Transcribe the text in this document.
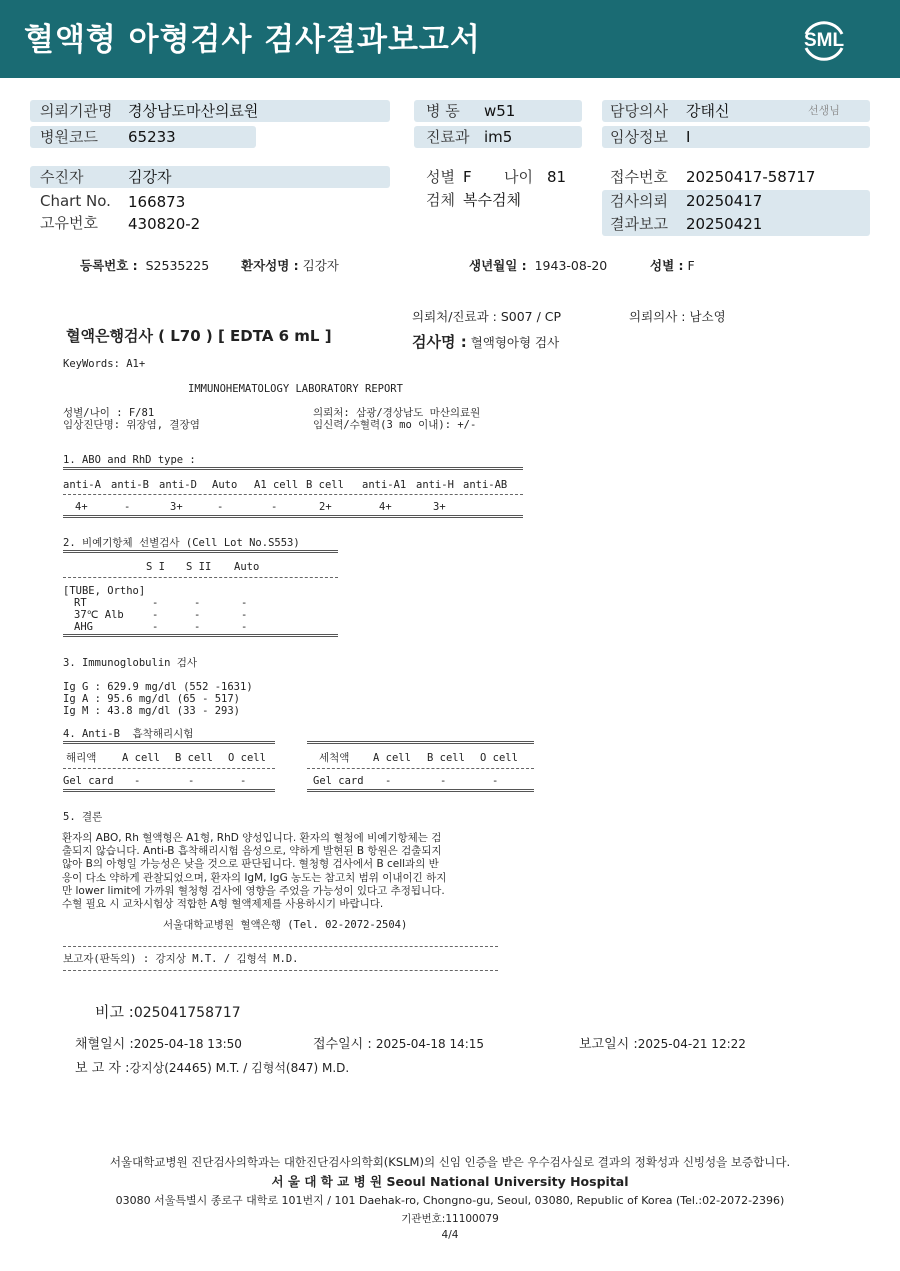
혈액형 아형검사 검사결과보고서	SML
의뢰기관명 경상남도마산의료원	병 동 w51	담당의사 강태신	선생님
병원코드 65233	진료과 im5	임상정보 I
수진자	김강자	성별 F 나이 81	접수번호 20250417-58717
Chart No. 166873	검체 복수검체	검사의뢰 20250417
고유번호 430820-2	결과보고 20250421
등록번호 : S2535225	환자성명 : 김강자	생년월일 : 1943-08-20	성별 : F
의뢰처/진료과 : S007 / CP	의뢰의사 : 남소영
혈액은행검사 ( L70 ) [ EDTA 6 mL ]	검사명 : 혈액형아형 검사
KeyWords: A1+
IMMUNOHEMATOLOGY LABORATORY REPORT
성별/나이 : F/81
임상진단명: 위장염, 결장염
의뢰처: 삼광/경상남도 마산의료원
임신력/수혈력(3 mo 이내): +/-
1. ABO and RhD type :
anti-A anti-B anti-D Auto A1 cell B cell anti-A1 anti-H anti-AB
4+	-	3+	-	-	2+	4+	3+
2. 비예기항체 선별검사 (Cell Lot No.S553)
S I S II Auto
[TUBE, Ortho]
RT	-	-	-
37℃ Alb	-	-	-
AHG	-	-	-
3. Immunoglobulin 검사
Ig G : 629.9 mg/dl (552 -1631)
Ig A : 95.6 mg/dl (65 - 517)
Ig M : 43.8 mg/dl (33 - 293)
4. Anti-B  흡착해리시험
해리액 A cell B cell O cell	세척액 A cell B cell O cell
Gel card -	-	-	Gel card -	-	-
5. 결론
환자의 ABO, Rh 혈액형은 A1형, RhD 양성입니다. 환자의 혈청에 비예기항체는 검
출되지 않습니다. Anti-B 흡착해리시험 음성으로, 약하게 발현된 B 항원은 검출되지
않아 B의 아형일 가능성은 낮을 것으로 판단됩니다. 혈청형 검사에서 B cell과의 반
응이 다소 약하게 관찰되었으며, 환자의 IgM, IgG 농도는 참고치 범위 이내이긴 하지
만 lower limit에 가까워 혈청형 검사에 영향을 주었을 가능성이 있다고 추정됩니다.
수혈 필요 시 교차시험상 적합한 A형 혈액제제를 사용하시기 바랍니다.
서울대학교병원 혈액은행 (Tel. 02-2072-2504)
보고자(판독의) : 강지상 M.T. / 김형석 M.D.
비고 :025041758717
채혈일시 :2025-04-18 13:50	접수일시 : 2025-04-18 14:15	보고일시 :2025-04-21 12:22
보 고 자 :강지상(24465) M.T. / 김형석(847) M.D.
서울대학교병원 진단검사의학과는 대한진단검사의학회(KSLM)의 신임 인증을 받은 우수검사실로 결과의 정확성과 신빙성을 보증합니다.
서 울 대 학 교 병 원 Seoul National University Hospital
03080 서울특별시 종로구 대학로 101번지 / 101 Daehak-ro, Chongno-gu, Seoul, 03080, Republic of Korea (Tel.:02-2072-2396)
기관번호:11100079
4/4
